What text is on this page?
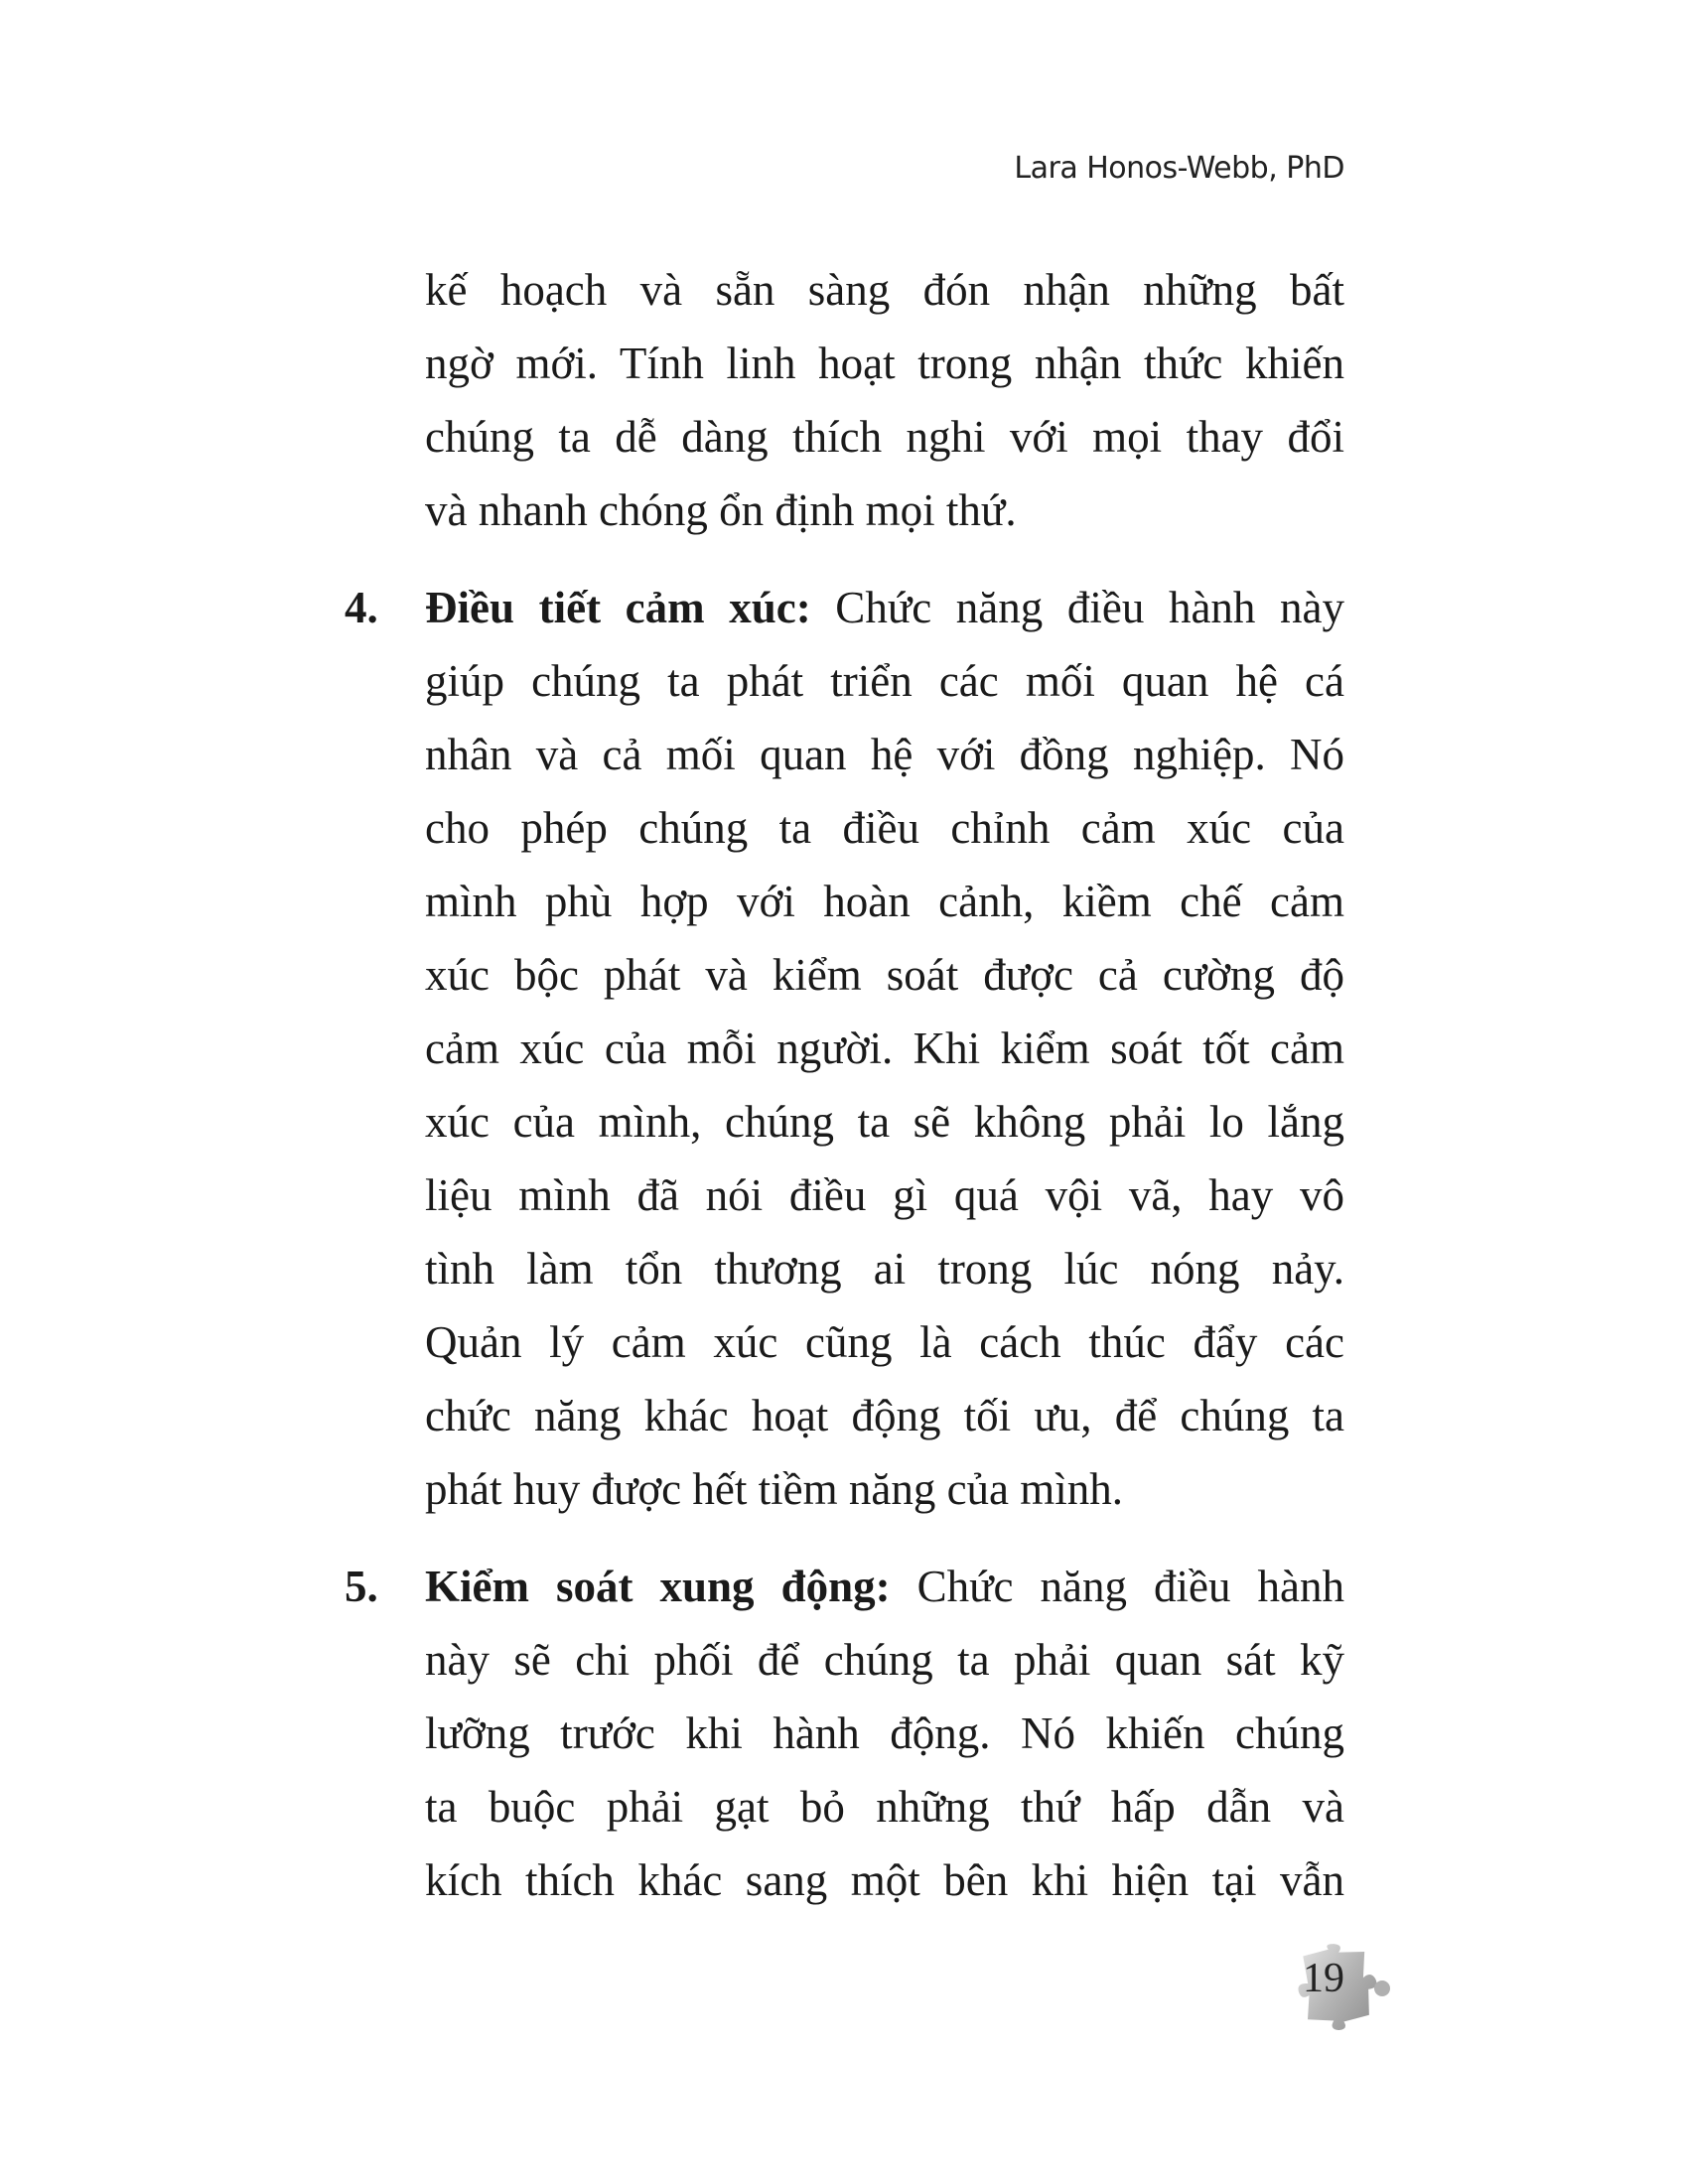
Lara Honos-Webb, PhD
kế hoạch và sẵn sàng đón nhận những bất
ngờ mới. Tính linh hoạt trong nhận thức khiến
chúng ta dễ dàng thích nghi với mọi thay đổi
và nhanh chóng ổn định mọi thứ.
4. Điều tiết cảm xúc: Chức năng điều hành này
giúp chúng ta phát triển các mối quan hệ cá
nhân và cả mối quan hệ với đồng nghiệp. Nó
cho phép chúng ta điều chỉnh cảm xúc của
mình phù hợp với hoàn cảnh, kiềm chế cảm
xúc bộc phát và kiểm soát được cả cường độ
cảm xúc của mỗi người. Khi kiểm soát tốt cảm
xúc của mình, chúng ta sẽ không phải lo lắng
liệu mình đã nói điều gì quá vội vã, hay vô
tình làm tổn thương ai trong lúc nóng nảy.
Quản lý cảm xúc cũng là cách thúc đẩy các
chức năng khác hoạt động tối ưu, để chúng ta
phát huy được hết tiềm năng của mình.
5. Kiểm soát xung động: Chức năng điều hành
này sẽ chi phối để chúng ta phải quan sát kỹ
lưỡng trước khi hành động. Nó khiến chúng
ta buộc phải gạt bỏ những thứ hấp dẫn và
kích thích khác sang một bên khi hiện tại vẫn
19
